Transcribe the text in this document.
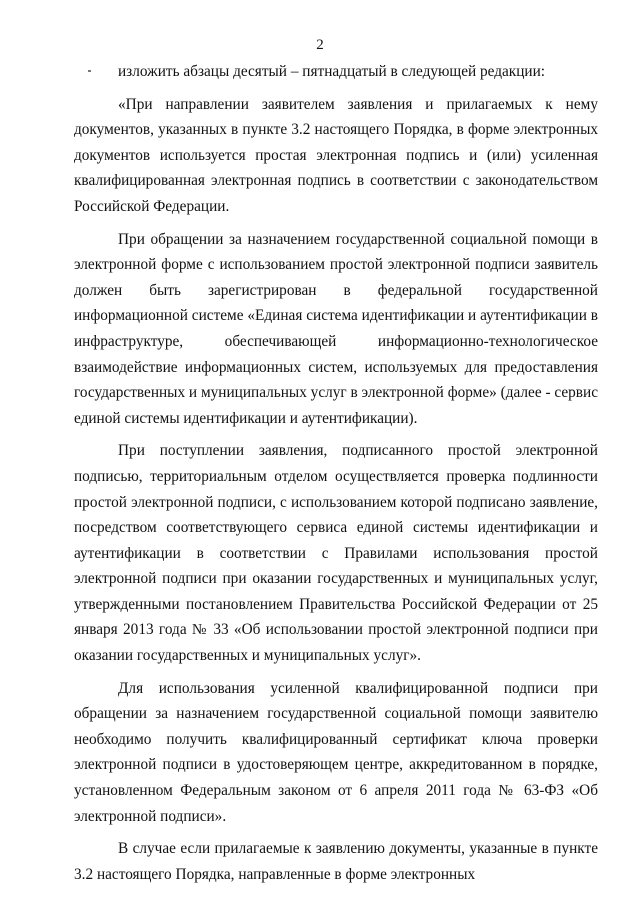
2

изложить абзацы десятый – пятнадцатый в следующей редакции:

«При направлении заявителем заявления и прилагаемых к нему документов, указанных в пункте 3.2 настоящего Порядка, в форме электронных документов используется простая электронная подпись и (или) усиленная квалифицированная электронная подпись в соответствии с законодательством Российской Федерации.

При обращении за назначением государственной социальной помощи в электронной форме с использованием простой электронной подписи заявитель должен быть зарегистрирован в федеральной государственной информационной системе «Единая система идентификации и аутентификации в инфраструктуре, обеспечивающей информационно-технологическое взаимодействие информационных систем, используемых для предоставления государственных и муниципальных услуг в электронной форме» (далее - сервис единой системы идентификации и аутентификации).

При поступлении заявления, подписанного простой электронной подписью, территориальным отделом осуществляется проверка подлинности простой электронной подписи, с использованием которой подписано заявление, посредством соответствующего сервиса единой системы идентификации и аутентификации в соответствии с Правилами использования простой электронной подписи при оказании государственных и муниципальных услуг, утвержденными постановлением Правительства Российской Федерации от 25 января 2013 года № 33 «Об использовании простой электронной подписи при оказании государственных и муниципальных услуг».

Для использования усиленной квалифицированной подписи при обращении за назначением государственной социальной помощи заявителю необходимо получить квалифицированный сертификат ключа проверки электронной подписи в удостоверяющем центре, аккредитованном в порядке, установленном Федеральным законом от 6 апреля 2011 года № 63-ФЗ «Об электронной подписи».

В случае если прилагаемые к заявлению документы, указанные в пункте 3.2 настоящего Порядка, направленные в форме электронных
